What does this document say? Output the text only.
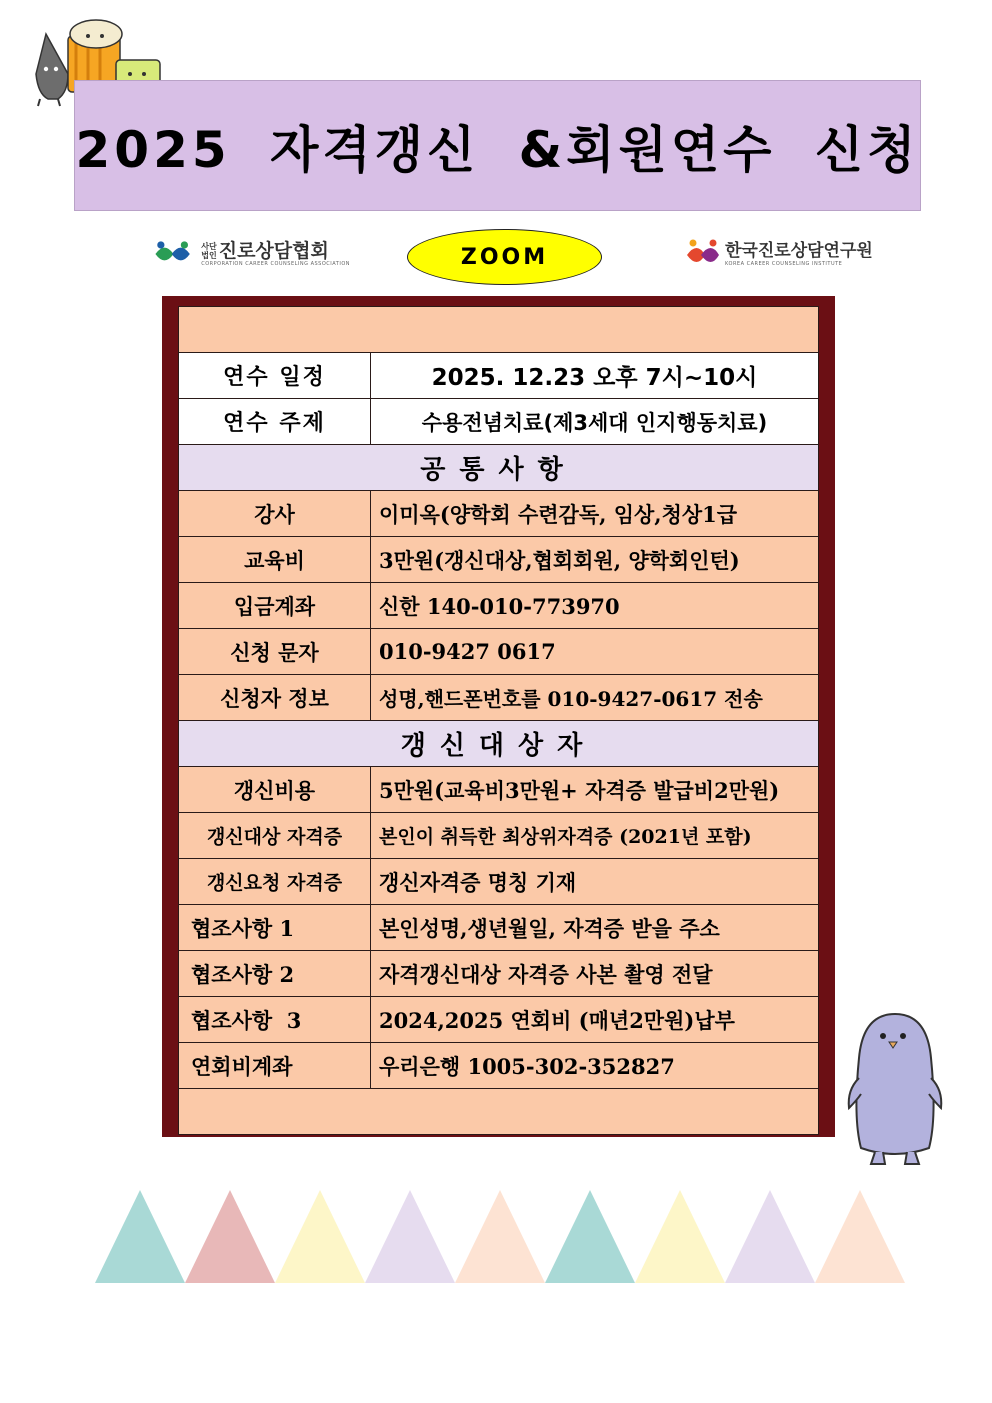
2025 자격갱신 &회원연수 신청
사단
법인 진로상담협회
CORPORATION CAREER COUNSELING ASSOCIATION	ZOOM	한국진로상담연구원
KOREA CAREER COUNSELING INSTITUTE

연수 일정	2025. 12.23 오후 7시~10시
연수 주제	수용전념치료(제3세대 인지행동치료)
공통사항	
강사	이미옥(양학회 수련감독, 임상,청상1급
교육비	3만원(갱신대상,협회회원, 양학회인턴)
입금계좌	신한 140-010-773970
신청 문자	010-9427 0617
신청자 정보	성명,핸드폰번호를 010-9427-0617 전송
갱신대상자	
갱신비용	5만원(교육비3만원+ 자격증 발급비2만원)
갱신대상 자격증	본인이 취득한 최상위자격증 (2021년 포함)
갱신요청 자격증	갱신자격증 명칭 기재
협조사항 1	본인성명,생년월일, 자격증 받을 주소
협조사항 2	자격갱신대상 자격증 사본 촬영 전달
협조사항  3	2024,2025 연회비 (매년2만원)납부
연회비계좌	우리은행 1005-302-352827
